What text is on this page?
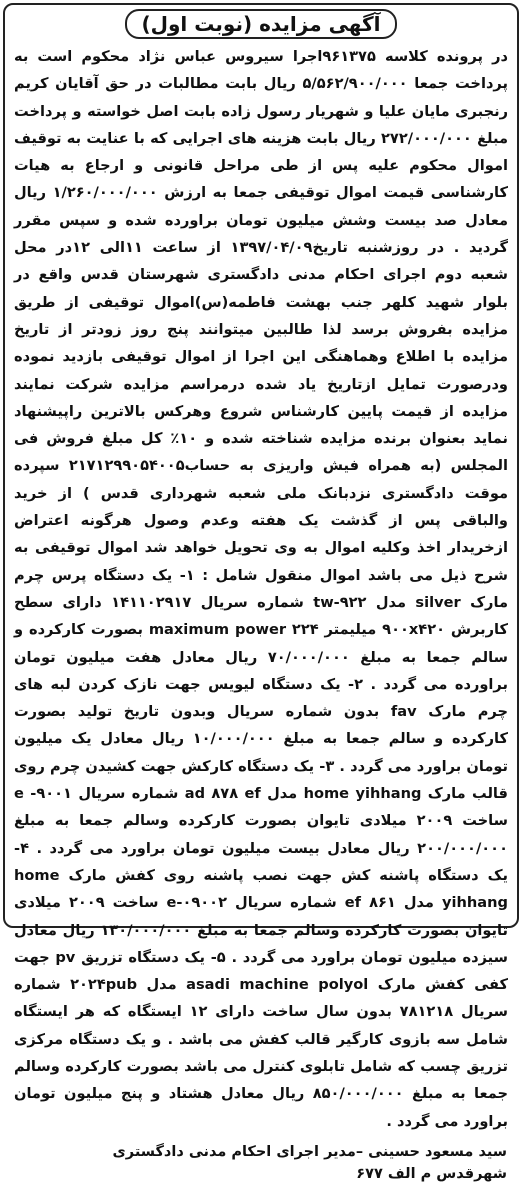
آگهی مزایده (نوبت اول)

در پرونده کلاسه ۹۶۱۳۷۵اجرا سیروس عباس نژاد محکوم است به پرداخت جمعا ۵/۵۶۲/۹۰۰/۰۰۰ ریال بابت مطالبات در حق آقایان کریم رنجبری مایان علیا و شهریار رسول زاده بابت اصل خواسته و پرداخت مبلغ ۲۷۲/۰۰۰/۰۰۰ ریال بابت هزینه های اجرایی که با عنایت به توقیف اموال محکوم علیه پس از طی مراحل قانونی و ارجاع به هیات کارشناسی قیمت اموال توقیفی جمعا به ارزش ۱/۲۶۰/۰۰۰/۰۰۰ ریال معادل صد بیست وشش میلیون تومان براورده شده و سپس مقرر گردید . در روزشنبه تاریخ۱۳۹۷/۰۴/۰۹ از ساعت ۱۱الی ۱۲در محل شعبه دوم اجرای احکام مدنی دادگستری شهرستان قدس واقع در بلوار شهید کلهر جنب بهشت فاطمه(س)اموال توقیفی از طریق مزایده بفروش برسد لذا طالبین میتوانند پنج روز زودتر از تاریخ مزایده با اطلاع وهماهنگی این اجرا از اموال توقیفی بازدید نموده ودرصورت تمایل ازتاریخ یاد شده درمراسم مزایده شرکت نمایند مزایده از قیمت پایین کارشناس شروع وهرکس بالاترین راپیشنهاد نماید بعنوان برنده مزایده شناخته شده و ۱۰٪ کل مبلغ فروش فی المجلس (به همراه فیش واریزی به حساب۲۱۷۱۲۹۹۰۵۴۰۰۵ سپرده موقت دادگستری نزدبانک ملی شعبه شهرداری قدس ) از خرید والباقی پس از گذشت یک هفته وعدم وصول هرگونه اعتراض ازخریدار اخذ وکلیه اموال به وی تحویل خواهد شد اموال توقیفی به شرح ذیل می باشد اموال منقول شامل : ۱- یک دستگاه پرس چرم مارک silver مدل tw-۹۲۲ شماره سریال ۱۴۱۱۰۲۹۱۷ دارای سطح کاربرش ۹۰۰x۴۲۰ میلیمتر maximum power ۲۲۴ بصورت کارکرده و سالم جمعا به مبلغ ۷۰/۰۰۰/۰۰۰ ریال معادل هفت میلیون تومان براورده می گردد . ۲- یک دستگاه لیویس جهت نازک کردن لبه های چرم مارک fav بدون شماره سریال وبدون تاریخ تولید بصورت کارکرده و سالم جمعا به مبلغ ۱۰/۰۰۰/۰۰۰ ریال معادل یک میلیون تومان براورد می گردد . ۳- یک دستگاه کارکش جهت کشیدن چرم روی قالب مارک home yihhang مدل ad ۸۷۸ ef شماره سریال ۹۰۰۱- e ساخت ۲۰۰۹ میلادی تایوان بصورت کارکرده وسالم جمعا به مبلغ ۲۰۰/۰۰۰/۰۰۰ ریال معادل بیست میلیون تومان براورد می گردد . ۴- یک دستگاه پاشنه کش جهت نصب پاشنه روی کفش مارک home yihhang مدل ۸۶۱ ef شماره سریال e-۰۹۰۰۲ ساخت ۲۰۰۹ میلادی تایوان بصورت کارکرده وسالم جمعا به مبلغ ۱۳۰/۰۰۰/۰۰۰ ریال معادل سیزده میلیون تومان براورد می گردد . ۵- یک دستگاه تزریق pv جهت کفی کفش مارک asadi machine polyol مدل ۲۰۲۴pub شماره سریال ۷۸۱۲۱۸ بدون سال ساخت دارای ۱۲ ایستگاه که هر ایستگاه شامل سه بازوی کارگیر قالب کفش می باشد . و یک دستگاه مرکزی تزریق چسب که شامل تابلوی کنترل می باشد بصورت کارکرده وسالم جمعا به مبلغ ۸۵۰/۰۰۰/۰۰۰ ریال معادل هشتاد و پنج میلیون تومان براورد می گردد .

سید مسعود حسینی –مدیر اجرای احکام مدنی دادگستری

شهرقدس م الف ۶۷۷
